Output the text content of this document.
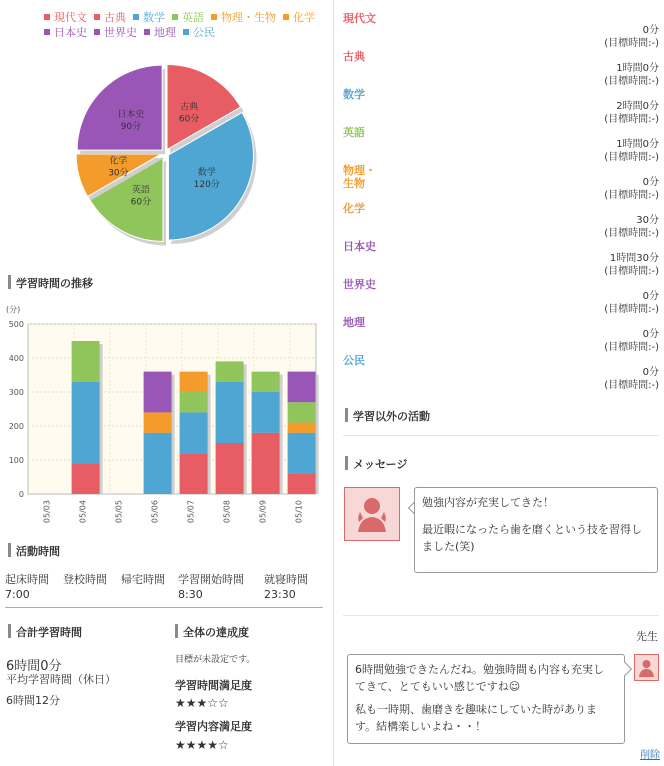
現代文 古典 数学 英語 物理・生物 化学日本史 世界史 地理 公民
古典
60分
数学
120分
英語
60分
化学
30分
日本史
90分
学習時間の推移
(分)
0
100
200
300
400
500
05/03	05/04	05/05	05/06	05/07	05/08	05/09	05/10
活動時間
起床時間
7:00
登校時間 帰宅時間 学習開始時間
8:30
就寝時間
23:30
合計学習時間
6時間0分
平均学習時間（休日）
6時間12分
全体の達成度
目標が未設定です。
学習時間満足度
★★★☆☆
学習内容満足度
★★★★☆
現代文
0分
(目標時間:-)
古典
1時間0分
(目標時間:-)
数学
2時間0分
(目標時間:-)
英語
1時間0分
(目標時間:-)
物理・
生物	0分
(目標時間:-)
化学
30分
(目標時間:-)
日本史
1時間30分
(目標時間:-)
世界史
0分
(目標時間:-)
地理
0分
(目標時間:-)
公民
0分
(目標時間:-)
学習以外の活動
メッセージ
勉強内容が充実してきた！
最近暇になったら歯を磨くという技を習得し
ました(笑)
先生
6時間勉強できたんだね。勉強時間も内容も充実し
てきて、とてもいい感じですね☺
私も一時期、歯磨きを趣味にしていた時がありま
す。結構楽しいよね・・！
削除
